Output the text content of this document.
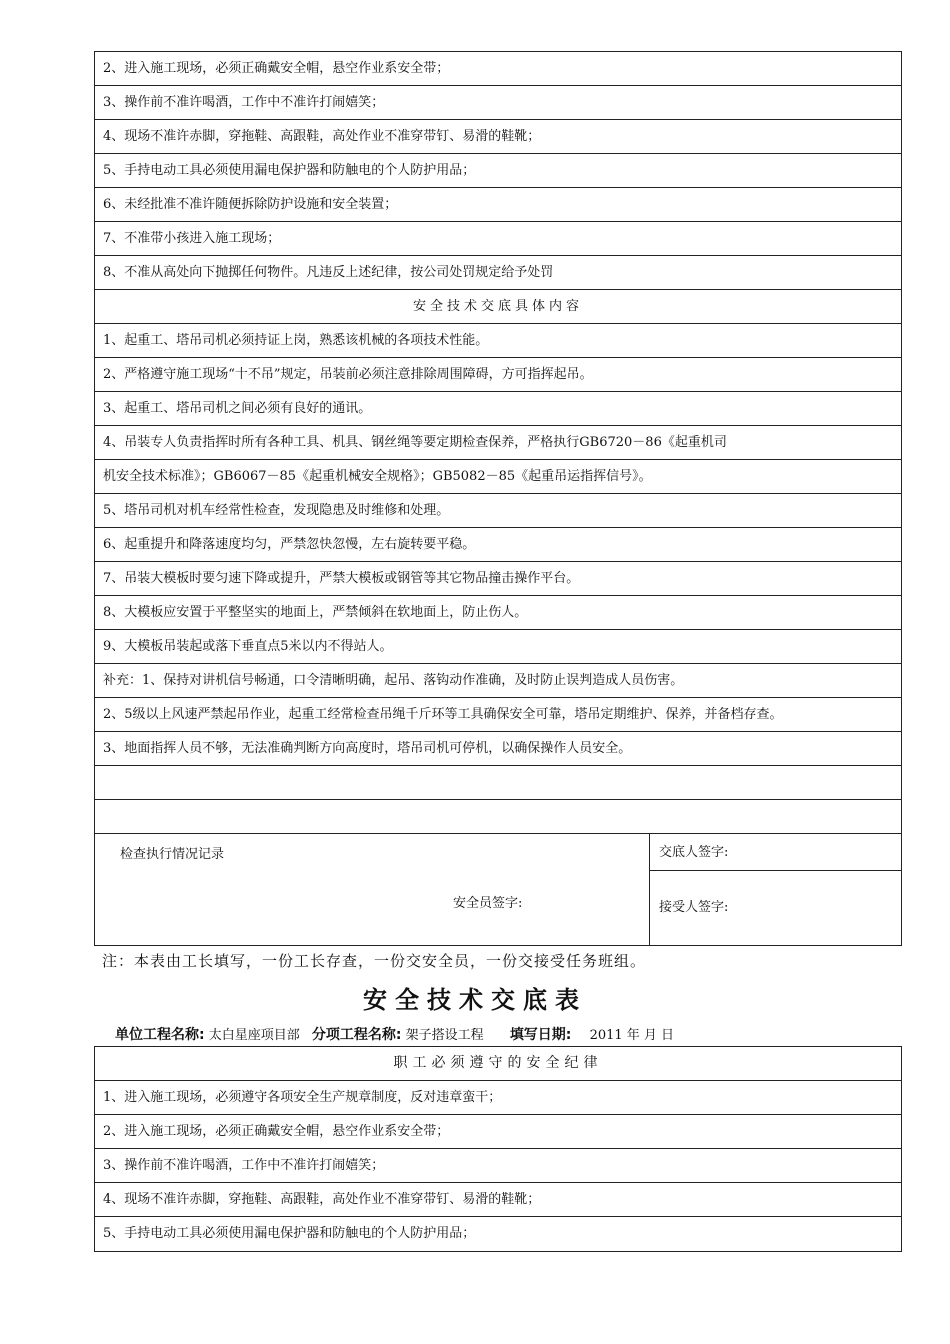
2、进入施工现场，必须正确戴安全帽，悬空作业系安全带；
3、操作前不准许喝酒，工作中不准许打闹嬉笑；
4、现场不准许赤脚，穿拖鞋、高跟鞋，高处作业不准穿带钉、易滑的鞋靴；
5、手持电动工具必须使用漏电保护器和防触电的个人防护用品；
6、未经批准不准许随便拆除防护设施和安全装置；
7、不准带小孩进入施工现场；
8、不准从高处向下抛掷任何物件。凡违反上述纪律，按公司处罚规定给予处罚
安全技术交底具体内容
1、起重工、塔吊司机必须持证上岗，熟悉该机械的各项技术性能。
2、严格遵守施工现场“十不吊”规定，吊装前必须注意排除周围障碍，方可指挥起吊。
3、起重工、塔吊司机之间必须有良好的通讯。
4、吊装专人负责指挥时所有各种工具、机具、钢丝绳等要定期检查保养，严格执行GB6720－86《起重机司
机安全技术标准》；GB6067－85《起重机械安全规格》；GB5082－85《起重吊运指挥信号》。
5、塔吊司机对机车经常性检查，发现隐患及时维修和处理。
6、起重提升和降落速度均匀，严禁忽快忽慢，左右旋转要平稳。
7、吊装大模板时要匀速下降或提升，严禁大模板或钢管等其它物品撞击操作平台。
8、大模板应安置于平整坚实的地面上，严禁倾斜在软地面上，防止伤人。
9、大模板吊装起或落下垂直点5米以内不得站人。
补充：1、保持对讲机信号畅通，口令清晰明确，起吊、落钩动作准确，及时防止误判造成人员伤害。
2、5级以上风速严禁起吊作业，起重工经常检查吊绳千斤环等工具确保安全可靠，塔吊定期维护、保养，并备档存查。
3、地面指挥人员不够，无法准确判断方向高度时，塔吊司机可停机，以确保操作人员安全。
检查执行情况记录
安全员签字:
交底人签字:
接受人签字:
注：本表由工长填写，一份工长存查，一份交安全员，一份交接受任务班组。
安全技术交底表
单位工程名称: 太白星座项目部 分项工程名称: 架子搭设工程 填写日期: 2011 年 月 日
职工必须遵守的安全纪律
1、进入施工现场，必须遵守各项安全生产规章制度，反对违章蛮干；
2、进入施工现场，必须正确戴安全帽，悬空作业系安全带；
3、操作前不准许喝酒，工作中不准许打闹嬉笑；
4、现场不准许赤脚，穿拖鞋、高跟鞋，高处作业不准穿带钉、易滑的鞋靴；
5、手持电动工具必须使用漏电保护器和防触电的个人防护用品；
